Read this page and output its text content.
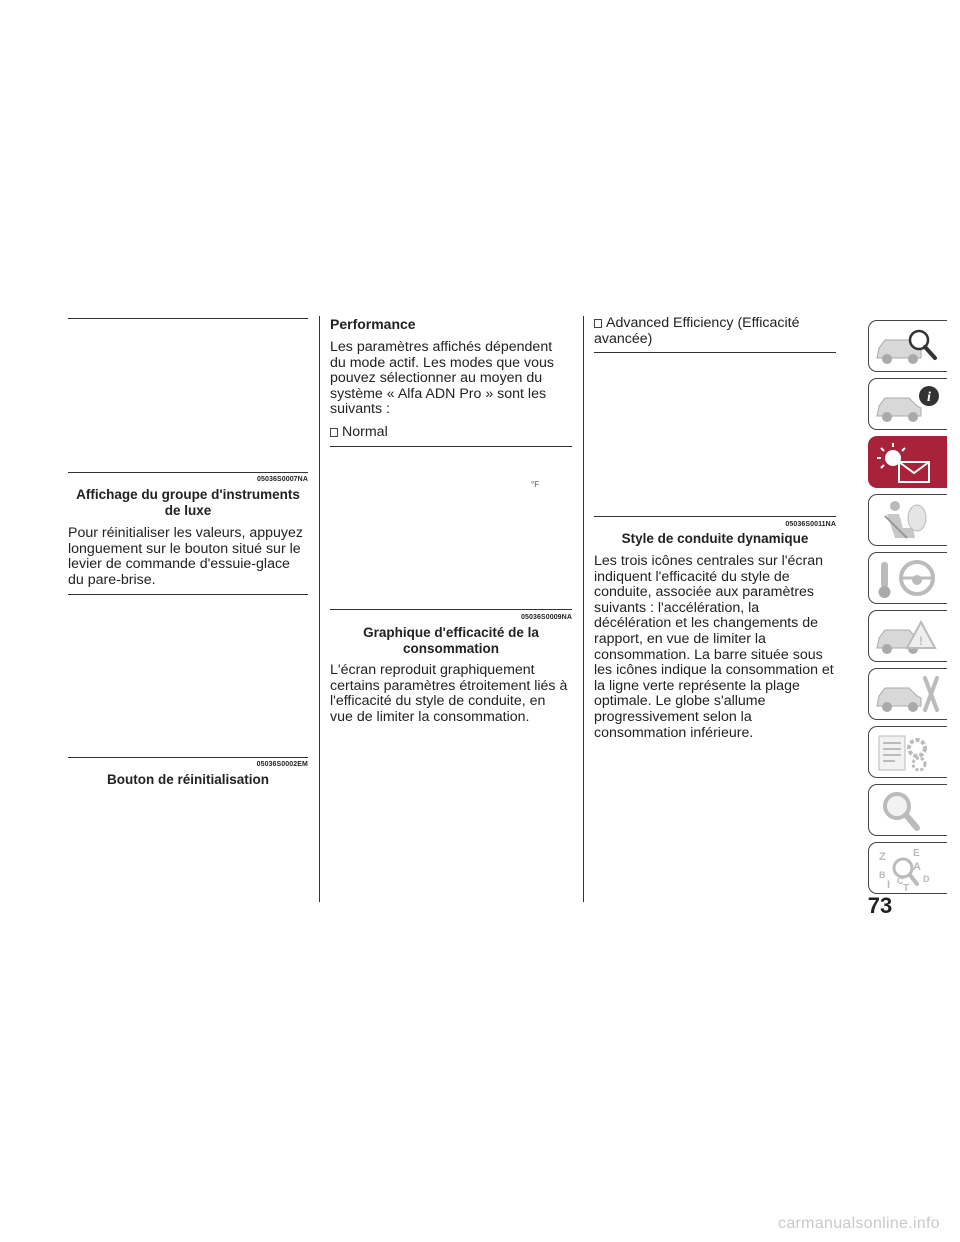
05036S0007NA
Affichage du groupe d'instruments de luxe

Pour réinitialiser les valeurs, appuyez longuement sur le bouton situé sur le levier de commande d'essuie-glace du pare-brise.

05036S0002EM
Bouton de réinitialisation
Performance

Les paramètres affichés dépendent du mode actif. Les modes que vous pouvez sélectionner au moyen du système « Alfa ADN Pro » sont les suivants :

Normal
°F
05036S0009NA
Graphique d'efficacité de la consommation

L'écran reproduit graphiquement certains paramètres étroitement liés à l'efficacité du style de conduite, en vue de limiter la consommation.

Advanced Efficiency (Efficacité avancée)
05036S0011NA
Style de conduite dynamique

Les trois icônes centrales sur l'écran indiquent l'efficacité du style de conduite, associée aux paramètres suivants : l'accélération, la décélération et les changements de rapport, en vue de limiter la consommation. La barre située sous les icônes indique la consommation et la ligne verte représente la plage optimale. Le globe s'allume progressivement selon la consommation inférieure.

i
!
Z	E
B
A
D
I C
T
73
carmanualsonline.info
